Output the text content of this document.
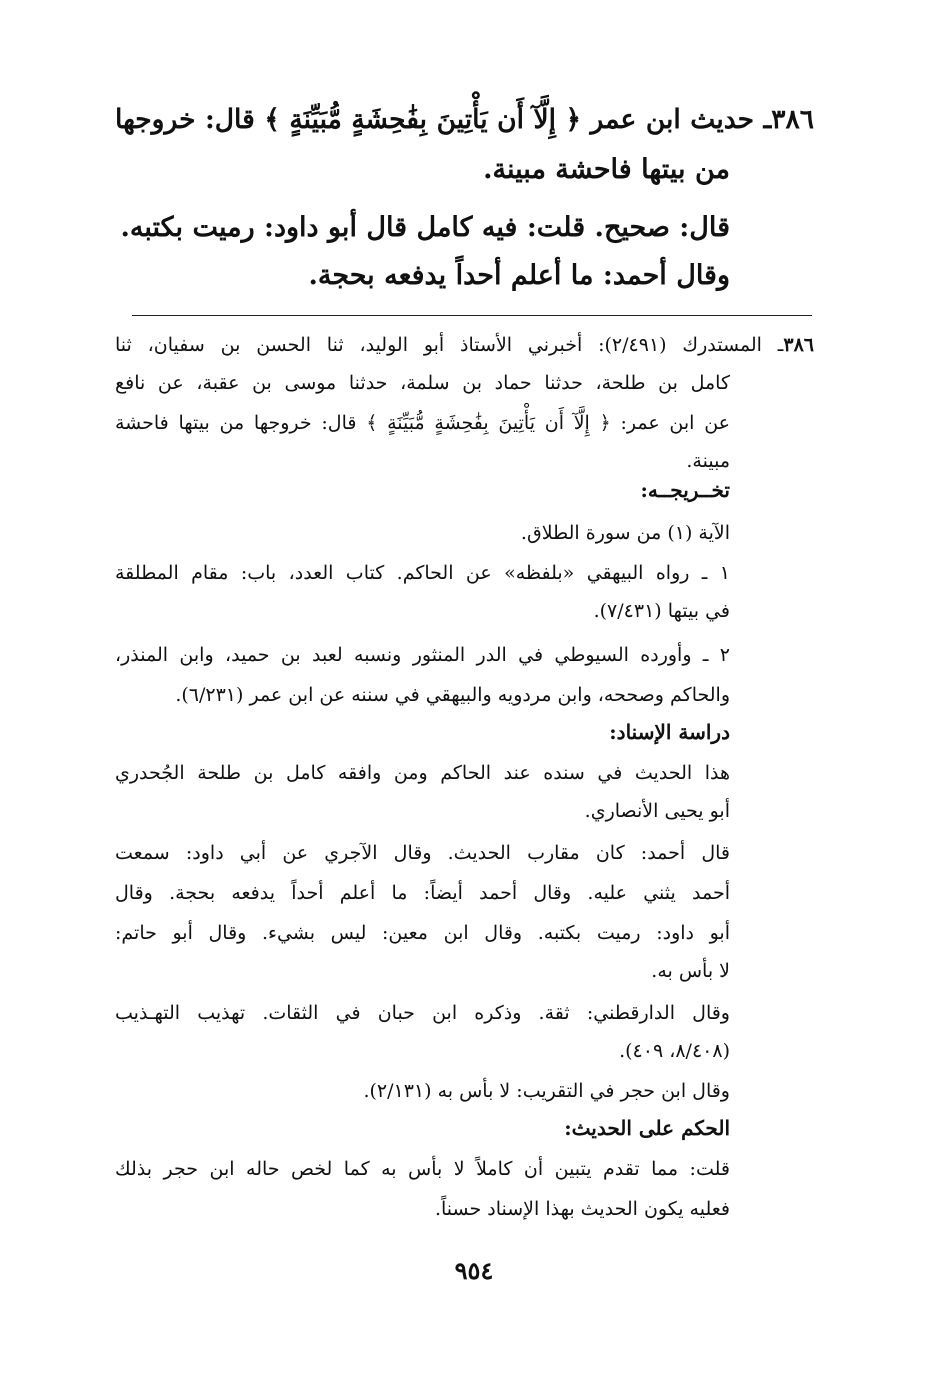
٣٨٦ـ حديث ابن عمر ﴿ إِلَّآ أَن يَأْتِينَ بِفَٰحِشَةٍ مُّبَيِّنَةٍ ﴾ قال: خروجها
من بيتها فاحشة مبينة.
قال: صحيح. قلت: فيه كامل قال أبو داود: رميت بكتبه.
وقال أحمد: ما أعلم أحداً يدفعه بحجة.
٣٨٦ـ المستدرك (٢/٤٩١): أخبرني الأستاذ أبو الوليد، ثنا الحسن بن سفيان، ثنا
كامل بن طلحة، حدثنا حماد بن سلمة، حدثنا موسى بن عقبة، عن نافع
عن ابن عمر: ﴿ إِلَّآ أَن يَأْتِينَ بِفَٰحِشَةٍ مُّبَيِّنَةٍ ﴾ قال: خروجها من بيتها فاحشة
مبينة.
تخــريجــه:
الآية (١) من سورة الطلاق.
١ ـ رواه البيهقي «بلفظه» عن الحاكم. كتاب العدد، باب: مقام المطلقة
في بيتها (٧/٤٣١).
٢ ـ وأورده السيوطي في الدر المنثور ونسبه لعبد بن حميد، وابن المنذر،
والحاكم وصححه، وابن مردويه والبيهقي في سننه عن ابن عمر (٦/٢٣١).
دراسة الإسناد:
هذا الحديث في سنده عند الحاكم ومن وافقه كامل بن طلحة الجُحدري
أبو يحيى الأنصاري.
قال أحمد: كان مقارب الحديث. وقال الآجري عن أبي داود: سمعت
أحمد يثني عليه. وقال أحمد أيضاً: ما أعلم أحداً يدفعه بحجة. وقال
أبو داود: رميت بكتبه. وقال ابن معين: ليس بشيء. وقال أبو حاتم:
لا بأس به.
وقال الدارقطني: ثقة. وذكره ابن حبان في الثقات. تهذيب التهـذيب
(٨/٤٠٨، ٤٠٩).
وقال ابن حجر في التقريب: لا بأس به (٢/١٣١).
الحكم على الحديث:
قلت: مما تقدم يتبين أن كاملاً لا بأس به كما لخص حاله ابن حجر بذلك
فعليه يكون الحديث بهذا الإسناد حسناً.
٩٥٤
